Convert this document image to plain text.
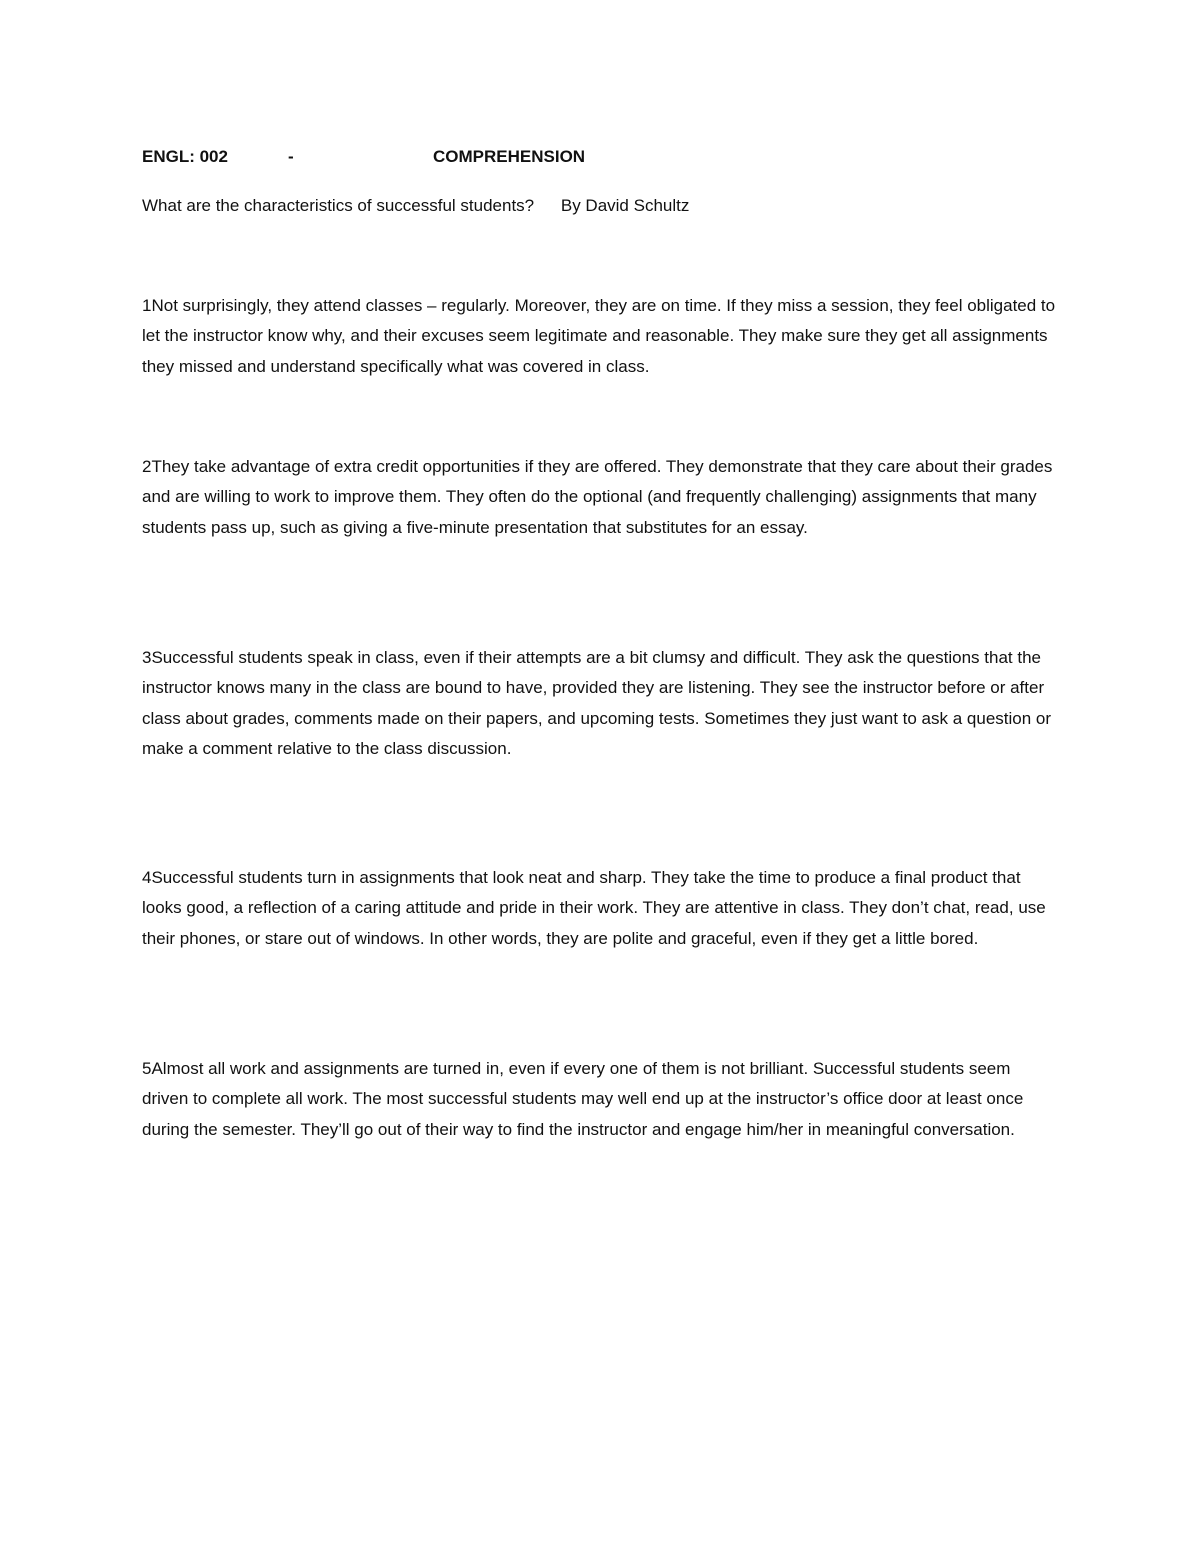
ENGL: 002	-	COMPREHENSION
What are the characteristics of successful students? By David Schultz

1Not surprisingly, they attend classes – regularly. Moreover, they are on time. If they miss a session, they feel obligated to let the instructor know why, and their excuses seem legitimate and reasonable. They make sure they get all assignments they missed and understand specifically what was covered in class.

2They take advantage of extra credit opportunities if they are offered. They demonstrate that they care about their grades and are willing to work to improve them. They often do the optional (and frequently challenging) assignments that many students pass up, such as giving a five-minute presentation that substitutes for an essay.

3Successful students speak in class, even if their attempts are a bit clumsy and difficult. They ask the questions that the instructor knows many in the class are bound to have, provided they are listening. They see the instructor before or after class about grades, comments made on their papers, and upcoming tests. Sometimes they just want to ask a question or make a comment relative to the class discussion.

4Successful students turn in assignments that look neat and sharp. They take the time to produce a final product that looks good, a reflection of a caring attitude and pride in their work. They are attentive in class. They don’t chat, read, use their phones, or stare out of windows. In other words, they are polite and graceful, even if they get a little bored.

5Almost all work and assignments are turned in, even if every one of them is not brilliant. Successful students seem driven to complete all work. The most successful students may well end up at the instructor’s office door at least once during the semester. They’ll go out of their way to find the instructor and engage him/her in meaningful conversation.
